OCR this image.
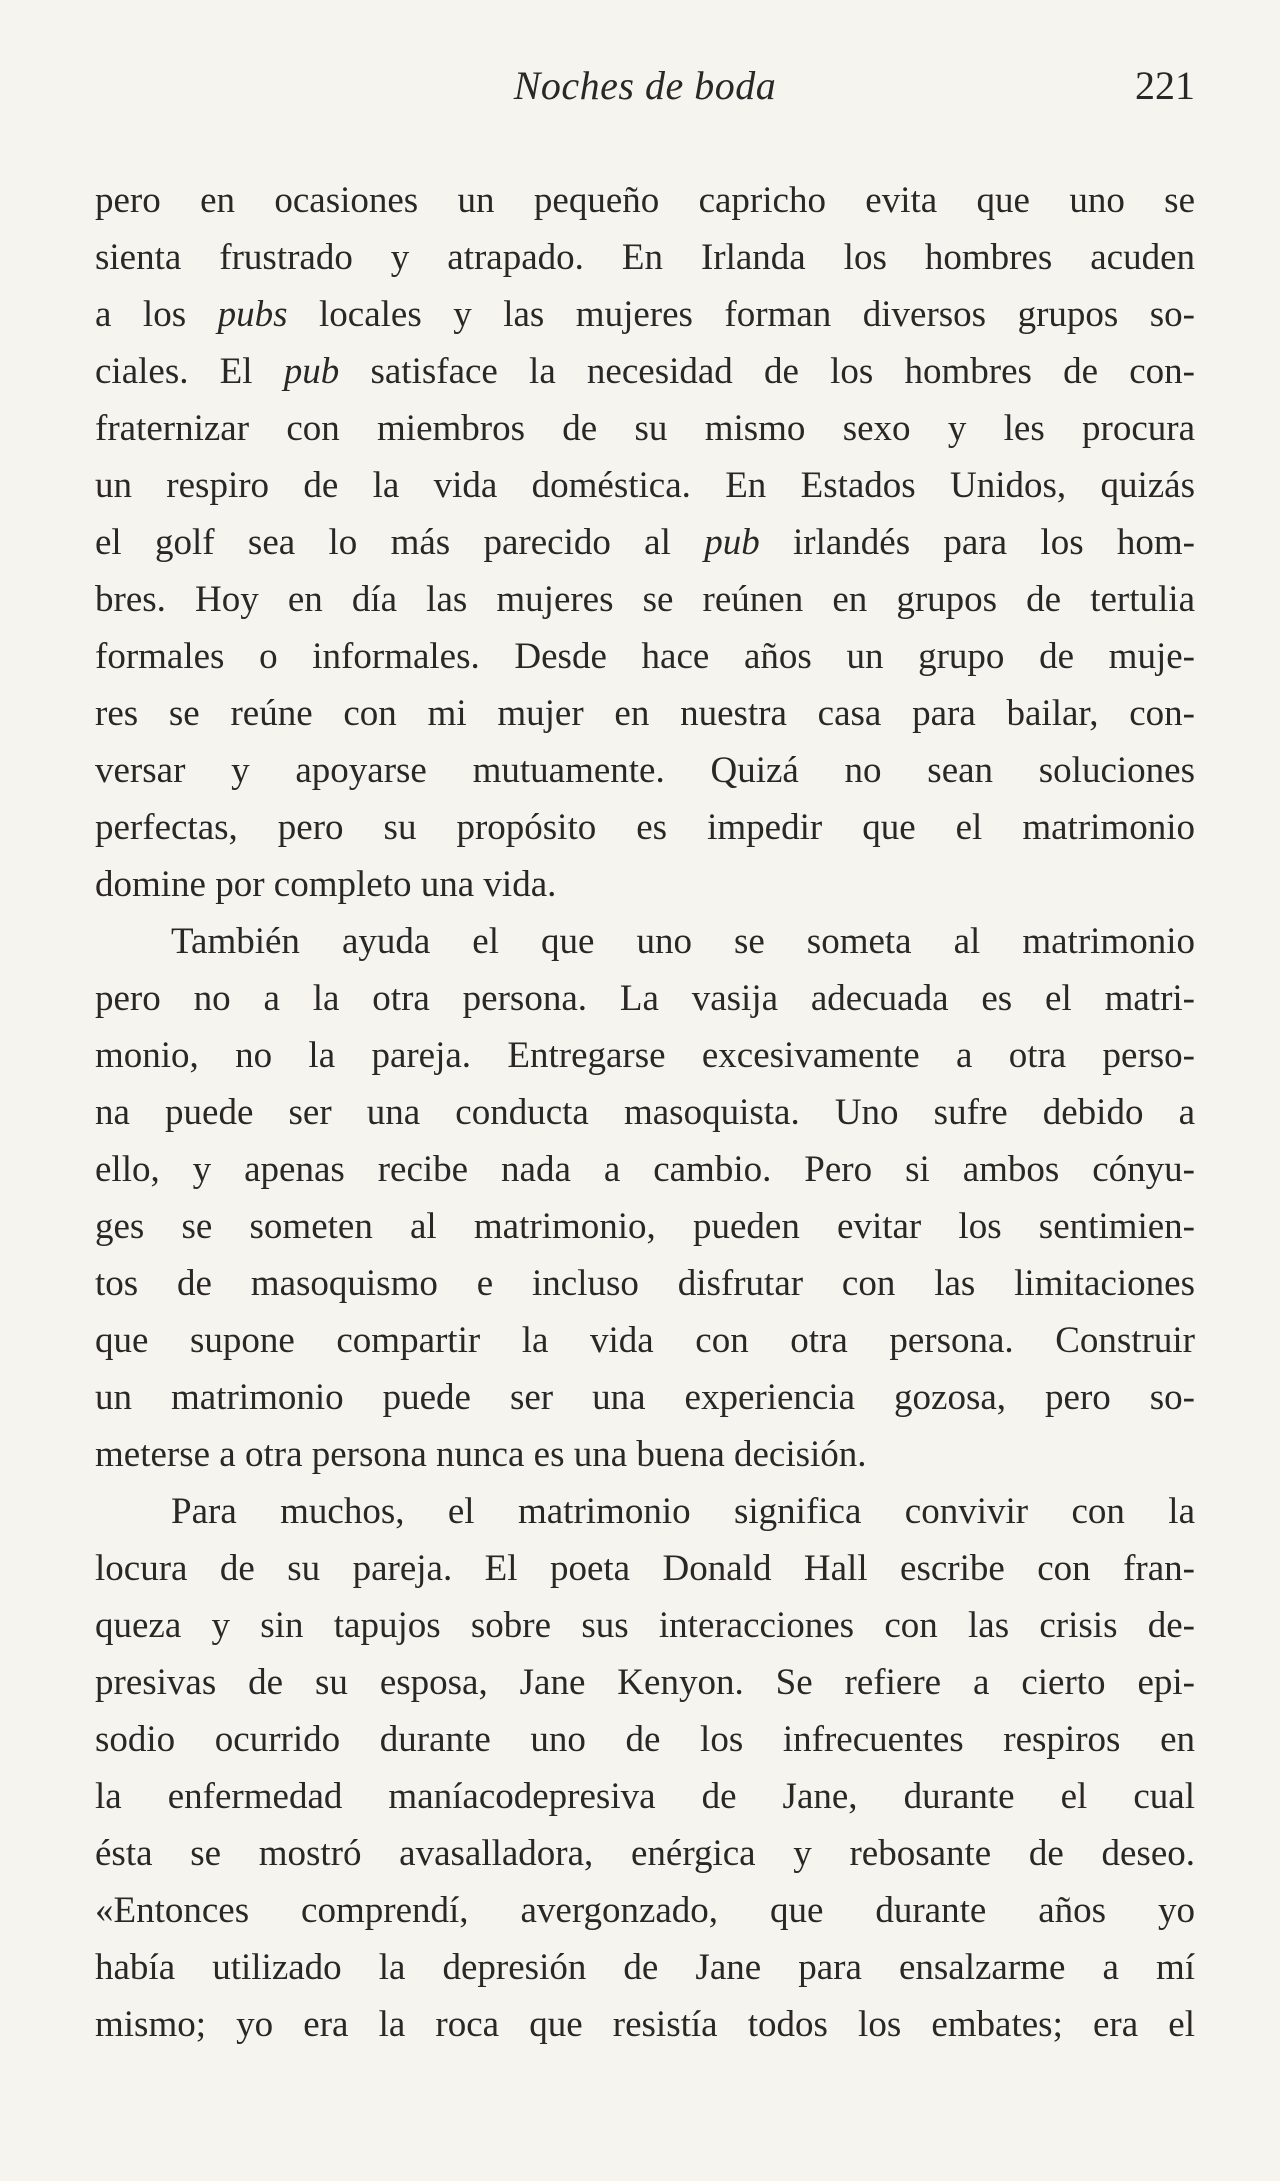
Noches de boda	221
pero en ocasiones un pequeño capricho evita que uno se
sienta frustrado y atrapado. En Irlanda los hombres acuden
a los pubs locales y las mujeres forman diversos grupos so-
ciales. El pub satisface la necesidad de los hombres de con-
fraternizar con miembros de su mismo sexo y les procura
un respiro de la vida doméstica. En Estados Unidos, quizás
el golf sea lo más parecido al pub irlandés para los hom-
bres. Hoy en día las mujeres se reúnen en grupos de tertulia
formales o informales. Desde hace años un grupo de muje-
res se reúne con mi mujer en nuestra casa para bailar, con-
versar y apoyarse mutuamente. Quizá no sean soluciones
perfectas, pero su propósito es impedir que el matrimonio
domine por completo una vida.
También ayuda el que uno se someta al matrimonio
pero no a la otra persona. La vasija adecuada es el matri-
monio, no la pareja. Entregarse excesivamente a otra perso-
na puede ser una conducta masoquista. Uno sufre debido a
ello, y apenas recibe nada a cambio. Pero si ambos cónyu-
ges se someten al matrimonio, pueden evitar los sentimien-
tos de masoquismo e incluso disfrutar con las limitaciones
que supone compartir la vida con otra persona. Construir
un matrimonio puede ser una experiencia gozosa, pero so-
meterse a otra persona nunca es una buena decisión.
Para muchos, el matrimonio significa convivir con la
locura de su pareja. El poeta Donald Hall escribe con fran-
queza y sin tapujos sobre sus interacciones con las crisis de-
presivas de su esposa, Jane Kenyon. Se refiere a cierto epi-
sodio ocurrido durante uno de los infrecuentes respiros en
la enfermedad maníacodepresiva de Jane, durante el cual
ésta se mostró avasalladora, enérgica y rebosante de deseo.
«Entonces comprendí, avergonzado, que durante años yo
había utilizado la depresión de Jane para ensalzarme a mí
mismo; yo era la roca que resistía todos los embates; era el
